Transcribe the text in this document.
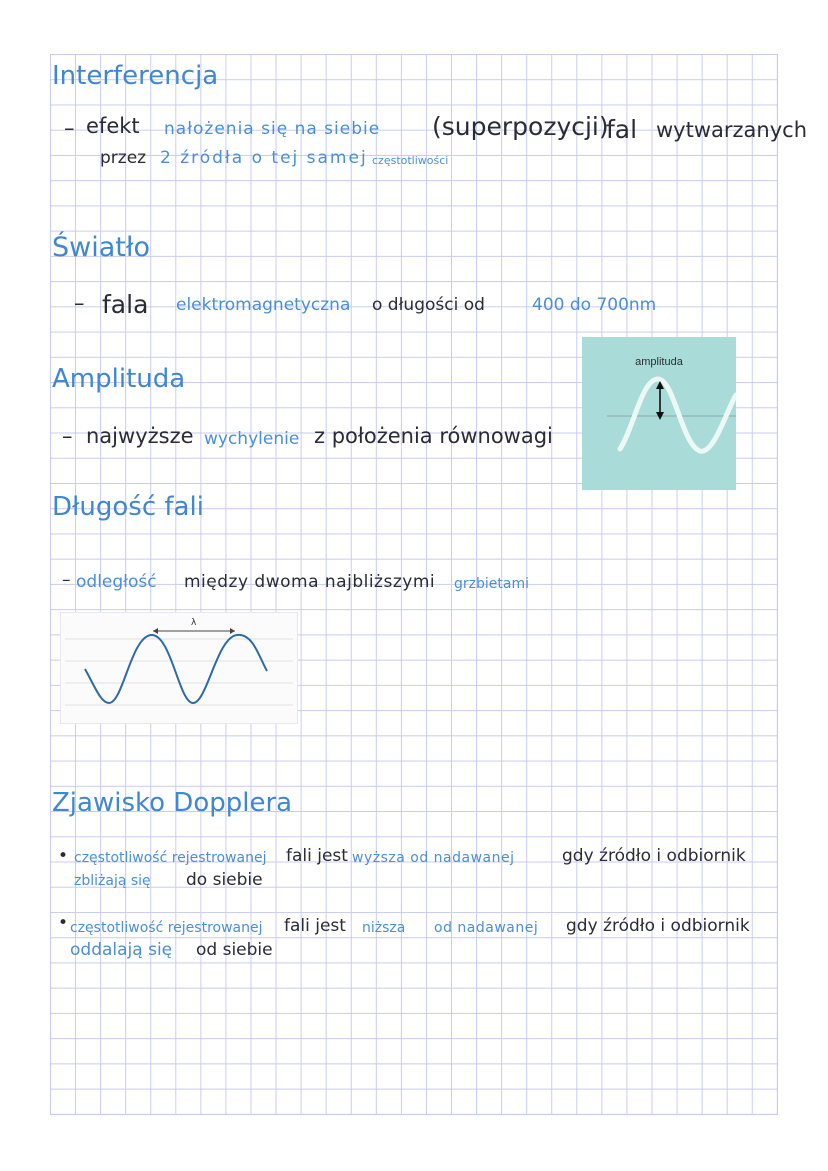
Interferencja
– efekt nałożenia się na siebie (superpozycji)
fal wytwarzanych
przez 2 źródła o tej samej częstotliwości
Światło
– fala elektromagnetyczna o długości od	400 do 700nm
Amplituda
– najwyższe wychylenie z położenia równowagi
amplituda
Długość fali
– odległość między dwoma najbliższymi grzbietami
λ
Zjawisko Dopplera
• częstotliwość rejestrowanej fali jest wyższa od nadawanej	gdy źródło i odbiornik
zbliżają się do siebie
• częstotliwość rejestrowanej fali jest niższa od nadawanej gdy źródło i odbiornik
oddalają się od siebie
